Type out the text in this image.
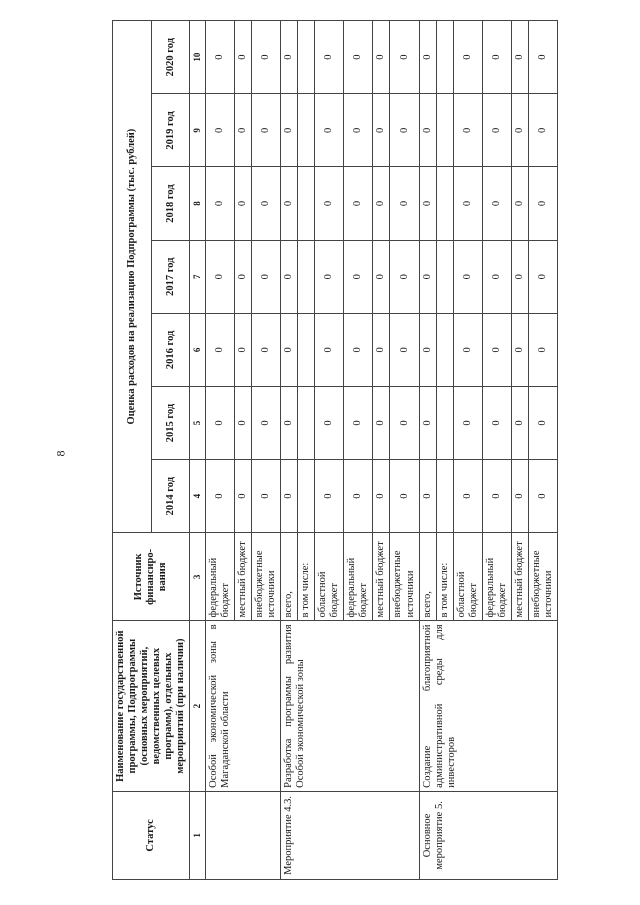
8
Статус	Наименование государственной программы, Подпрограммы (основных мероприятий, ведомственных целевых программ), отдельных мероприятий (при наличии)	Источник финансиро-вания	Оценка расходов на реализацию Подпрограммы (тыс. рублей)						
			2014 год	2015 год	2016 год	2017 год	2018 год	2019 год	2020 год
1	2	3	4	5	6	7	8	9	10
	Особой экономической зоны в Магаданской области	федеральный бюджет	0	0	0	0	0	0	0
		местный бюджет	0	0	0	0	0	0	0
		внебюджетные источники	0	0	0	0	0	0	0
Мероприятие 4.3.	Разработка программы развития Особой экономической зоны	всего,	0	0	0	0	0	0	0
		в том числе:							
		областной бюджет	0	0	0	0	0	0	0
		федеральный бюджет	0	0	0	0	0	0	0
		местный бюджет	0	0	0	0	0	0	0
		внебюджетные источники	0	0	0	0	0	0	0
Основное мероприятие 5.	Создание благоприятной административной среды для инвесторов	всего,	0	0	0	0	0	0	0
		в том числе:							
		областной бюджет	0	0	0	0	0	0	0
		федеральный бюджет	0	0	0	0	0	0	0
		местный бюджет	0	0	0	0	0	0	0
		внебюджетные источники	0	0	0	0	0	0	0
